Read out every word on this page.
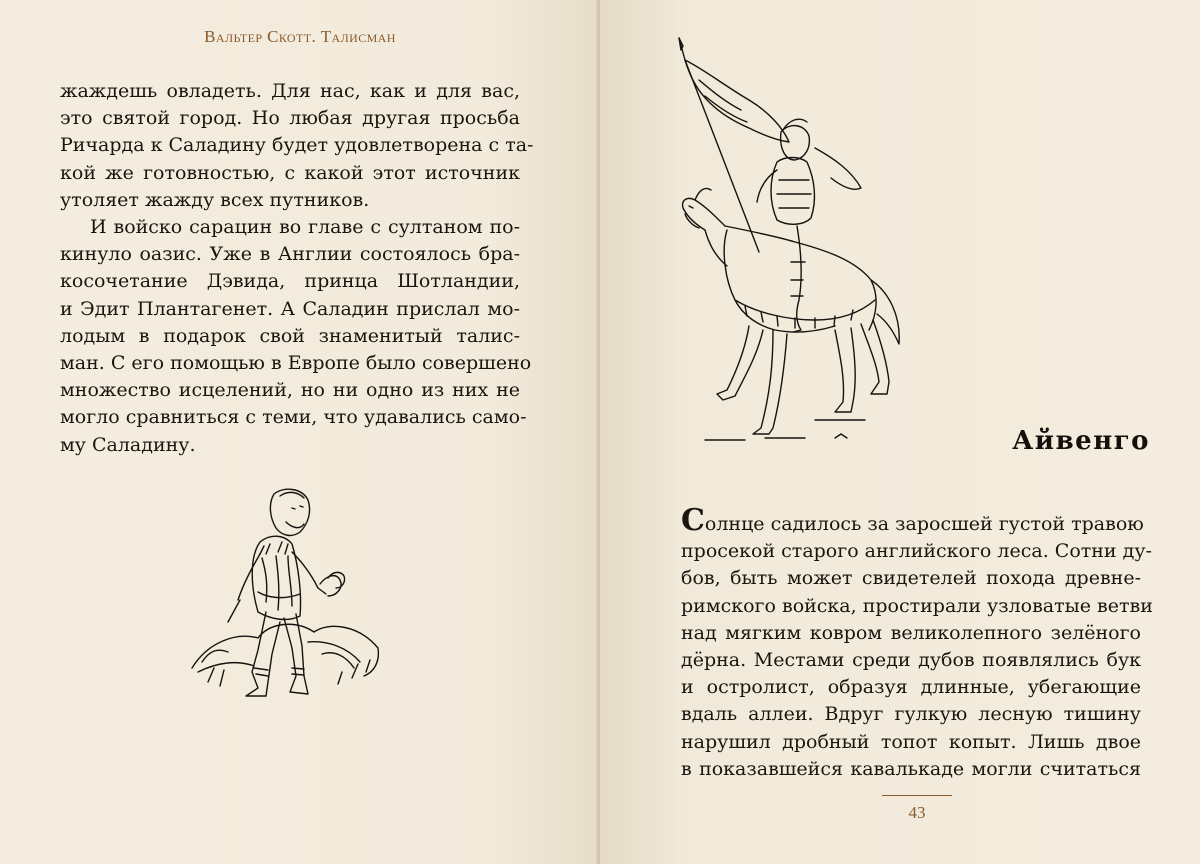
Вальтер Скотт. Талисман
жаждешь овладеть. Для нас, как и для вас,
это святой город. Но любая другая просьба
Ричарда к Саладину будет удовлетворена с та-
кой же готовностью, с какой этот источник
утоляет жажду всех путников.
И войско сарацин во главе с султаном по-
кинуло оазис. Уже в Англии состоялось бра-
косочетание Дэвида, принца Шотландии,
и Эдит Плантагенет. А Саладин прислал мо-
лодым в подарок свой знаменитый талис-
ман. С его помощью в Европе было совершено
множество исцелений, но ни одно из них не
могло сравниться с теми, что удавались само-
му Саладину.	Айвенго
Солнце садилось за заросшей густой травою
просекой старого английского леса. Сотни ду-
бов, быть может свидетелей похода древне-
римского войска, простирали узловатые ветви
над мягким ковром великолепного зелёного
дёрна. Местами среди дубов появлялись бук
и остролист, образуя длинные, убегающие
вдаль аллеи. Вдруг гулкую лесную тишину
нарушил дробный топот копыт. Лишь двое
в показавшейся кавалькаде могли считаться
43
